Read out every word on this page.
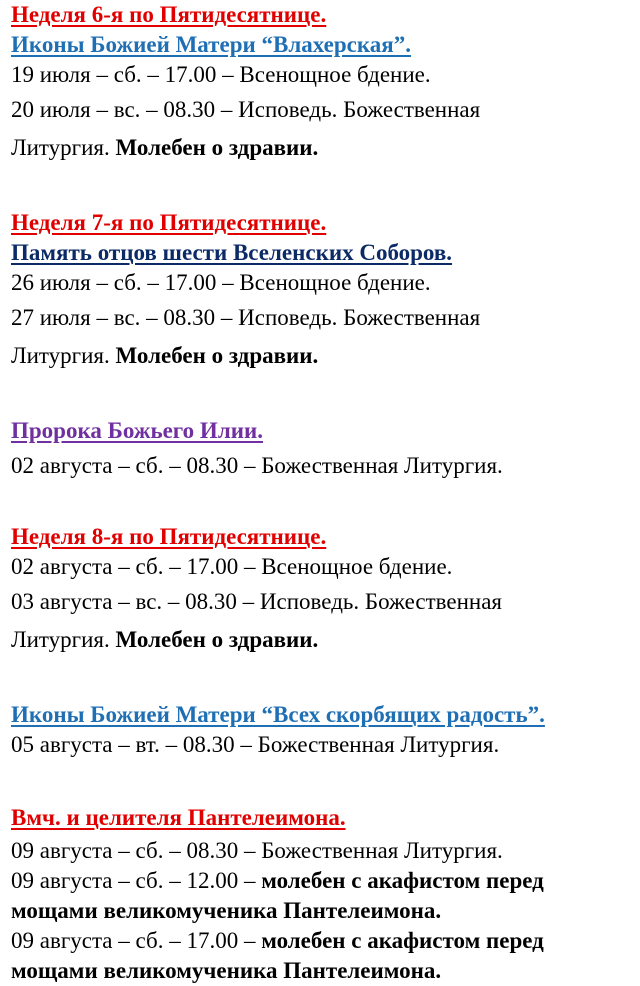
Неделя 6-я по Пятидесятнице.
Иконы Божией Матери “Влахерская”.
19 июля – сб. – 17.00 – Всенощное бдение.
20 июля – вс. – 08.30 – Исповедь. Божественная
Литургия. Молебен о здравии.
Неделя 7-я по Пятидесятнице.
Память отцов шести Вселенских Соборов.
26 июля – сб. – 17.00 – Всенощное бдение.
27 июля – вс. – 08.30 – Исповедь. Божественная
Литургия. Молебен о здравии.
Пророка Божьего Илии.
02 августа – сб. – 08.30 – Божественная Литургия.
Неделя 8-я по Пятидесятнице.
02 августа – сб. – 17.00 – Всенощное бдение.
03 августа – вс. – 08.30 – Исповедь. Божественная
Литургия. Молебен о здравии.
Иконы Божией Матери “Всех скорбящих радость”.
05 августа – вт. – 08.30 – Божественная Литургия.
Вмч. и целителя Пантелеимона.
09 августа – сб. – 08.30 – Божественная Литургия.
09 августа – сб. – 12.00 – молебен с акафистом перед
мощами великомученика Пантелеимона.
09 августа – сб. – 17.00 – молебен с акафистом перед
мощами великомученика Пантелеимона.
